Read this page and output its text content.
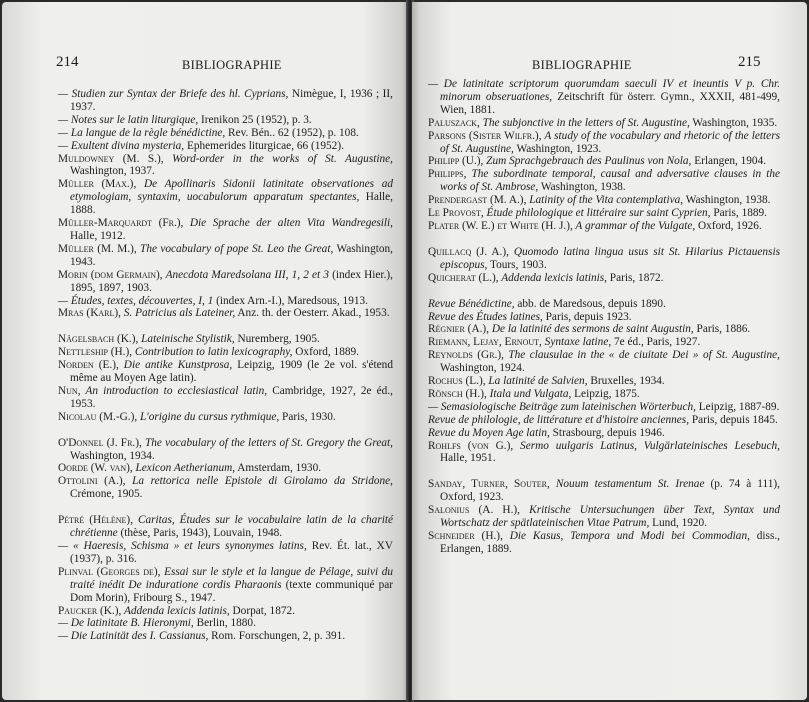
214	BIBLIOGRAPHIE
— Studien zur Syntax der Briefe des hl. Cyprians, Nimègue, I, 1936 ; II, 1937.
— Notes sur le latin liturgique, Irenikon 25 (1952), p. 3.
— La langue de la règle bénédictine, Rev. Bén.. 62 (1952), p. 108.
— Exultent divina mysteria, Ephemerides liturgicae, 66 (1952).
Muldowney (M. S.), Word-order in the works of St. Augustine, Washington, 1937.
Müller (Max.), De Apollinaris Sidonii latinitate observationes ad etymologiam, syntaxim, uocabulorum apparatum spectantes, Halle, 1888.
Müller-Marquardt (Fr.), Die Sprache der alten Vita Wandregesili, Halle, 1912.
Müller (M. M.), The vocabulary of pope St. Leo the Great, Washington, 1943.
Morin (dom Germain), Anecdota Maredsolana III, 1, 2 et 3 (index Hier.), 1895, 1897, 1903.
— Études, textes, découvertes, I, 1 (index Arn.-I.), Maredsous, 1913.
Mras (Karl), S. Patricius als Lateiner, Anz. th. der Oesterr. Akad., 1953.
Nägelsbach (K.), Lateinische Stylistik, Nuremberg, 1905.
Nettleship (H.), Contribution to latin lexicography, Oxford, 1889.
Norden (E.), Die antike Kunstprosa, Leipzig, 1909 (le 2e vol. s'étend même au Moyen Age latin).
Nun, An introduction to ecclesiastical latin, Cambridge, 1927, 2e éd., 1953.
Nicolau (M.-G.), L'origine du cursus rythmique, Paris, 1930.
O'Donnel (J. Fr.), The vocabulary of the letters of St. Gregory the Great, Washington, 1934.
Oorde (W. van), Lexicon Aetherianum, Amsterdam, 1930.
Ottolini (A.), La rettorica nelle Epistole di Girolamo da Stridone, Crémone, 1905.
Pétré (Hélène), Caritas, Études sur le vocabulaire latin de la charité chrétienne (thèse, Paris, 1943), Louvain, 1948.
— « Haeresis, Schisma » et leurs synonymes latins, Rev. Ét. lat., XV (1937), p. 316.
Plinval (Georges de), Essai sur le style et la langue de Pélage, suivi du traité inédit De induratione cordis Pharaonis (texte communiqué par Dom Morin), Fribourg S., 1947.
Paucker (K.), Addenda lexicis latinis, Dorpat, 1872.
— De latinitate B. Hieronymi, Berlin, 1880.
— Die Latinität des I. Cassianus, Rom. Forschungen, 2, p. 391.
BIBLIOGRAPHIE	215
— De latinitate scriptorum quorumdam saeculi IV et ineuntis V p. Chr. minorum obseruationes, Zeitschrift für österr. Gymn., XXXII, 481-499, Wien, 1881.
Paluszack, The subjonctive in the letters of St. Augustine, Washington, 1935.
Parsons (Sister Wilfr.), A study of the vocabulary and rhetoric of the letters of St. Augustine, Washington, 1923.
Philipp (U.), Zum Sprachgebrauch des Paulinus von Nola, Erlangen, 1904.
Philipps, The subordinate temporal, causal and adversative clauses in the works of St. Ambrose, Washington, 1938.
Prendergast (M. A.), Latinity of the Vita contemplativa, Washington, 1938.
Le Provost, Étude philologique et littéraire sur saint Cyprien, Paris, 1889.
Plater (W. E.) et White (H. J.), A grammar of the Vulgate, Oxford, 1926.
Quillacq (J. A.), Quomodo latina lingua usus sit St. Hilarius Pictauensis episcopus, Tours, 1903.
Quicherat (L.), Addenda lexicis latinis, Paris, 1872.
Revue Bénédictine, abb. de Maredsous, depuis 1890.
Revue des Études latines, Paris, depuis 1923.
Régnier (A.), De la latinité des sermons de saint Augustin, Paris, 1886.
Riemann, Lejay, Ernout, Syntaxe latine, 7e éd., Paris, 1927.
Reynolds (Gr.), The clausulae in the « de ciuitate Dei » of St. Augustine, Washington, 1924.
Rochus (L.), La latinité de Salvien, Bruxelles, 1934.
Rönsch (H.), Itala und Vulgata, Leipzig, 1875.
— Semasiologische Beiträge zum lateinischen Wörterbuch, Leipzig, 1887-89.
Revue de philologie, de littérature et d'histoire anciennes, Paris, depuis 1845.
Revue du Moyen Age latin, Strasbourg, depuis 1946.
Rohlfs (von G.), Sermo uulgaris Latinus, Vulgärlateinisches Lesebuch, Halle, 1951.
Sanday, Turner, Souter, Nouum testamentum St. Irenae (p. 74 à 111), Oxford, 1923.
Salonius (A. H.), Kritische Untersuchungen über Text, Syntax und Wortschatz der spätlateinischen Vitae Patrum, Lund, 1920.
Schneider (H.), Die Kasus, Tempora und Modi bei Commodian, diss., Erlangen, 1889.
